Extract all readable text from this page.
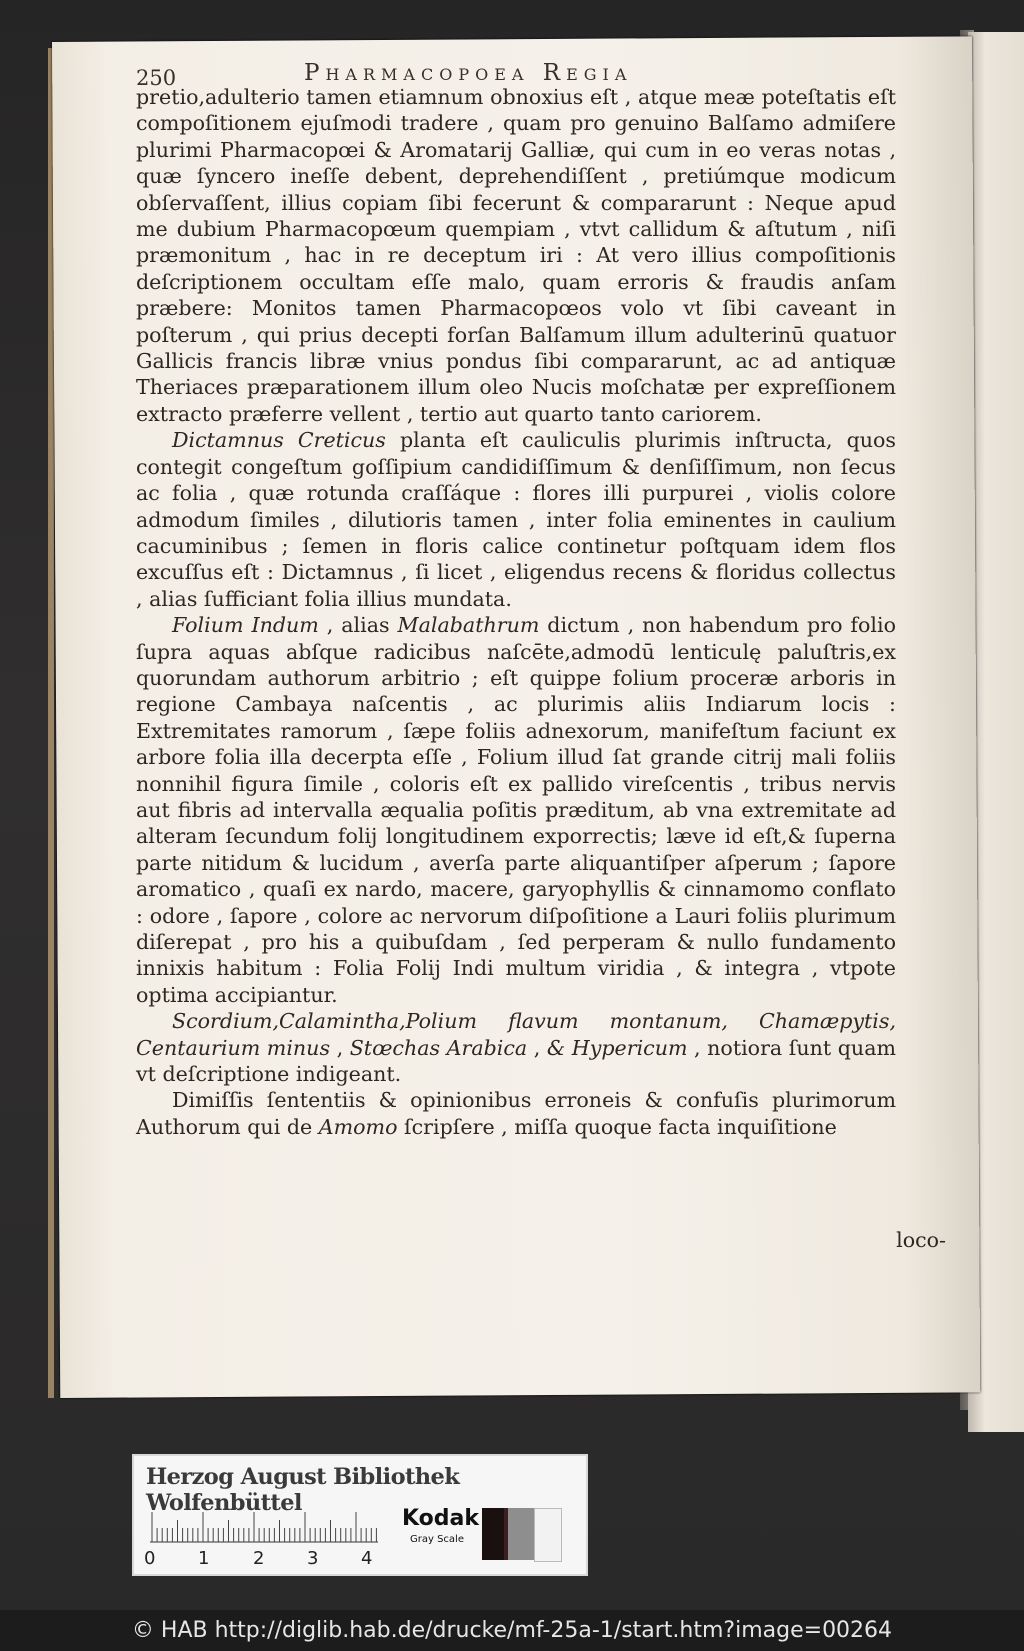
250	Pharmacopoea Regia

pretio,adulterio tamen etiamnum obnoxius eſt , atque meæ poteſtatis eſt compoſitionem ejuſmodi tradere , quam pro genuino Balſamo admiſere plurimi Pharmacopœi & Aromatarij Galliæ, qui cum in eo veras notas , quæ ſyncero ineſſe debent, deprehendiſſent , pretiúmque modicum obſervaſſent, illius copiam ſibi fecerunt & compararunt : Neque apud me dubium Pharmacopœum quempiam , vtvt callidum & aſtutum , niſi præmonitum , hac in re deceptum iri : At vero illius compoſitionis deſcriptionem occultam eſſe malo, quam erroris & fraudis anſam præbere: Monitos tamen Pharmacopœos volo vt ſibi caveant in poſterum , qui prius decepti forſan Balſamum illum adulterinū quatuor Gallicis francis libræ vnius pondus ſibi compararunt, ac ad antiquæ Theriaces præparationem illum oleo Nucis moſchatæ per expreſſionem extracto præferre vellent , tertio aut quarto tanto cariorem.

Dictamnus Creticus planta eſt cauliculis plurimis inſtructa, quos contegit congeſtum goſſipium candidiſſimum & denſiſſimum, non ſecus ac folia , quæ rotunda craſſáque : flores illi purpurei , violis colore admodum ſimiles , dilutioris tamen , inter folia eminentes in caulium cacuminibus ; ſemen in floris calice continetur poſtquam idem flos excuſſus eſt : Dictamnus , ſi licet , eligendus recens & floridus collectus , alias ſufficiant folia illius mundata.

Folium Indum , alias Malabathrum dictum , non habendum pro folio ſupra aquas abſque radicibus naſcēte,admodū lenticulę paluſtris,ex quorundam authorum arbitrio ; eſt quippe folium proceræ arboris in regione Cambaya naſcentis , ac plurimis aliis Indiarum locis : Extremitates ramorum , ſæpe foliis adnexorum, manifeſtum faciunt ex arbore folia illa decerpta eſſe , Folium illud ſat grande citrij mali foliis nonnihil figura ſimile , coloris eſt ex pallido vireſcentis , tribus nervis aut fibris ad intervalla æqualia poſitis præditum, ab vna extremitate ad alteram ſecundum folij longitudinem exporrectis; læve id eſt,& ſuperna parte nitidum & lucidum , averſa parte aliquantiſper aſperum ; ſapore aromatico , quaſi ex nardo, macere, garyophyllis & cinnamomo conflato : odore , ſapore , colore ac nervorum diſpoſitione a Lauri foliis plurimum diſerepat , pro his a quibuſdam , ſed perperam & nullo fundamento innixis habitum : Folia Folij Indi multum viridia , & integra , vtpote optima accipiantur.

Scordium,Calamintha,Polium flavum montanum, Chamæpytis, Centaurium minus , Stœchas Arabica , & Hypericum , notiora ſunt quam vt deſcriptione indigeant.

Dimiſſis ſententiis & opinionibus erroneis & confuſis plurimorum Authorum qui de Amomo ſcripſere , miſſa quoque facta inquiſitione

loco-
Herzog August Bibliothek Wolfenbüttel
0 1 2 3 4
Kodak
Gray Scale
© HAB http://diglib.hab.de/drucke/mf-25a-1/start.htm?image=00264
